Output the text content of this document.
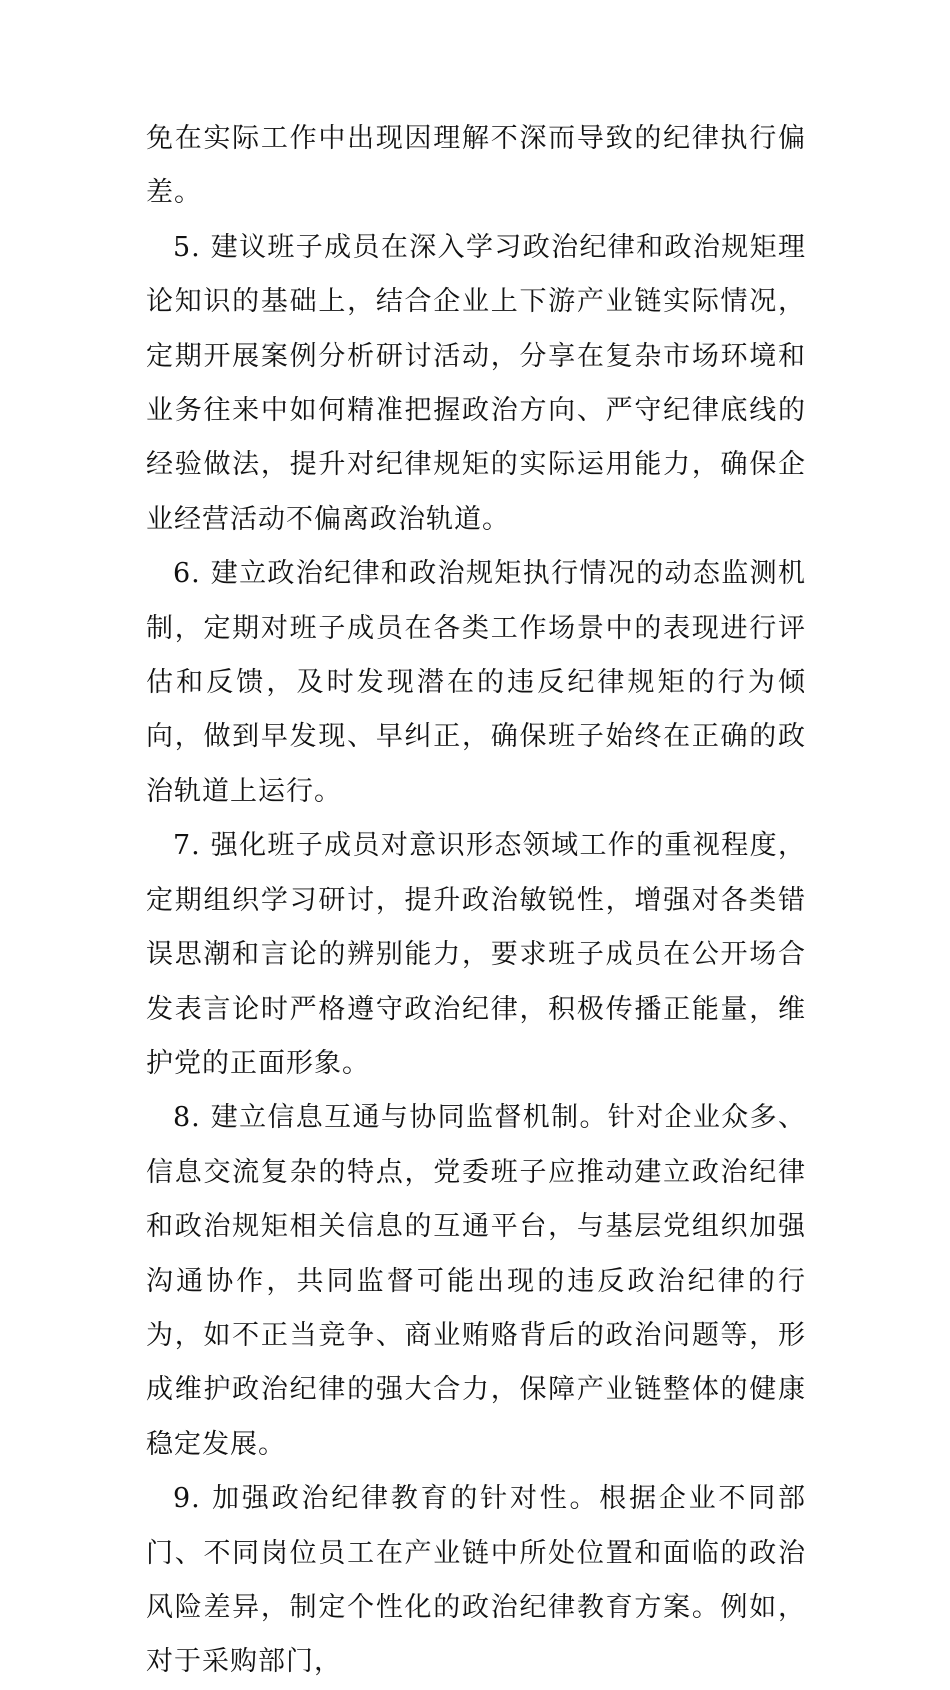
免在实际工作中出现因理解不深而导致的纪律执行偏差。

5. 建议班子成员在深入学习政治纪律和政治规矩理论知识的基础上，结合企业上下游产业链实际情况，定期开展案例分析研讨活动，分享在复杂市场环境和业务往来中如何精准把握政治方向、严守纪律底线的经验做法，提升对纪律规矩的实际运用能力，确保企业经营活动不偏离政治轨道。

6. 建立政治纪律和政治规矩执行情况的动态监测机制，定期对班子成员在各类工作场景中的表现进行评估和反馈，及时发现潜在的违反纪律规矩的行为倾向，做到早发现、早纠正，确保班子始终在正确的政治轨道上运行。

7. 强化班子成员对意识形态领域工作的重视程度，定期组织学习研讨，提升政治敏锐性，增强对各类错误思潮和言论的辨别能力，要求班子成员在公开场合发表言论时严格遵守政治纪律，积极传播正能量，维护党的正面形象。

8. 建立信息互通与协同监督机制。针对企业众多、信息交流复杂的特点，党委班子应推动建立政治纪律和政治规矩相关信息的互通平台，与基层党组织加强沟通协作，共同监督可能出现的违反政治纪律的行为，如不正当竞争、商业贿赂背后的政治问题等，形成维护政治纪律的强大合力，保障产业链整体的健康稳定发展。

9. 加强政治纪律教育的针对性。根据企业不同部门、不同岗位员工在产业链中所处位置和面临的政治风险差异，制定个性化的政治纪律教育方案。例如，对于采购部门，
